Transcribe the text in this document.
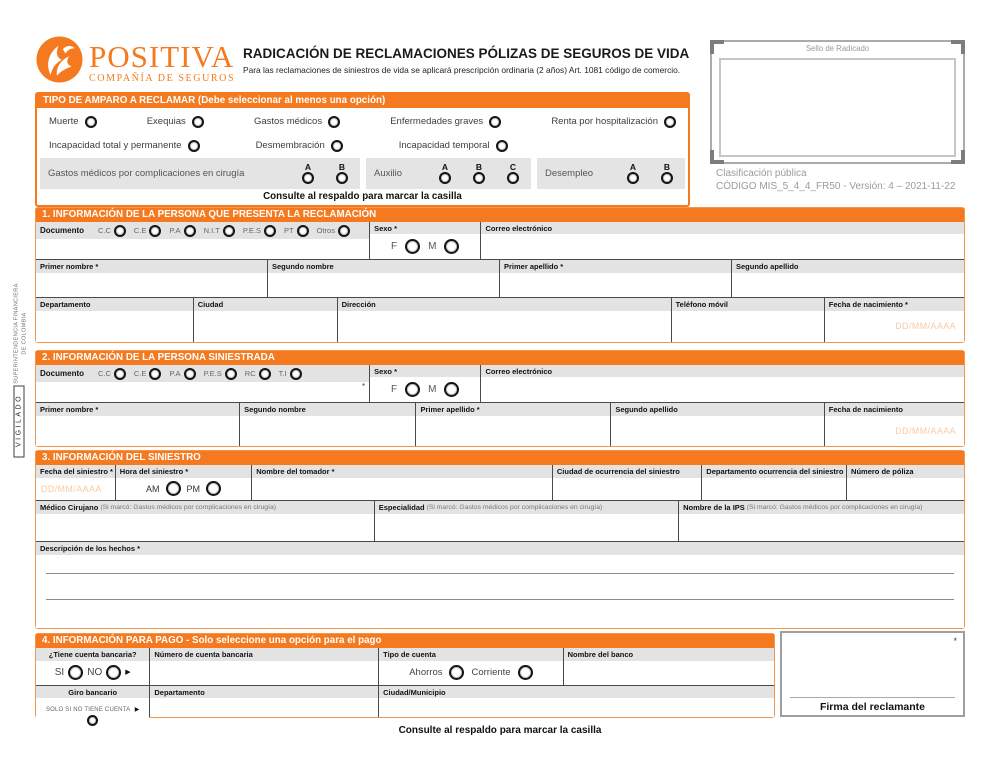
POSITIVA
COMPAÑÍA DE SEGUROS
RADICACIÓN DE RECLAMACIONES PÓLIZAS DE SEGUROS DE VIDA
Para las reclamaciones de siniestros de vida se aplicará prescripción ordinaria (2 años) Art. 1081 código de comercio.
Sello de Radicado
Clasificación pública
CÓDIGO MIS_5_4_4_FR50 - Versión: 4 – 2021-11-22
SUPERINTENDENCIA FINANCIERA DE COLOMBIA
VIGILADO
TIPO DE AMPARO A RECLAMAR (Debe seleccionar al menos una opción)
Muerte	Exequias	Gastos médicos	Enfermedades graves	Renta por hospitalización
Incapacidad total y permanente	Desmembración	Incapacidad temporal
Gastos médicos por complicaciones en cirugía
A	B
Auxilio
A	B	C
Desempleo
A	B
Consulte al respaldo para marcar la casilla
1. INFORMACIÓN DE LA PERSONA QUE PRESENTA LA RECLAMACIÓN
Documento C.C	C.E	P.A	N.I.T	P.E.S	PT	Otros	Sexo *
F	M
Correo electrónico
Primer nombre *	Segundo nombre	Primer apellido *	Segundo apellido
Departamento	Ciudad	Dirección	Teléfono móvil	Fecha de nacimiento *
DD/MM/AAAA
2. INFORMACIÓN DE LA PERSONA SINIESTRADA
Documento C.C	C.E	P.A	P.E.S	RC	T.I
*
Sexo *
F	M
Correo electrónico
Primer nombre *	Segundo nombre	Primer apellido *	Segundo apellido	Fecha de nacimiento
DD/MM/AAAA
3. INFORMACIÓN DEL SINIESTRO
Fecha del siniestro *
DD/MM/AAAA
Hora del siniestro *
AM	PM
Nombre del tomador *	Ciudad de ocurrencia del siniestro	Departamento ocurrencia del siniestro	Número de póliza
Médico Cirujano (Si marcó: Gastos médicos por complicaciones en cirugía)	Especialidad (Si marcó: Gastos médicos por complicaciones en cirugía)	Nombre de la IPS (Si marcó: Gastos médicos por complicaciones en cirugía)
Descripción de los hechos *
4. INFORMACIÓN PARA PAGO - Solo seleccione una opción para el pago
¿Tiene cuenta bancaria?
SI NO	▶
Número de cuenta bancaria	Tipo de cuenta
Ahorros	Corriente
Nombre del banco
Giro bancario
SOLO SI NO TIENE CUENTA ▶
Departamento	Ciudad/Municipio
*
Firma del reclamante
Consulte al respaldo para marcar la casilla
